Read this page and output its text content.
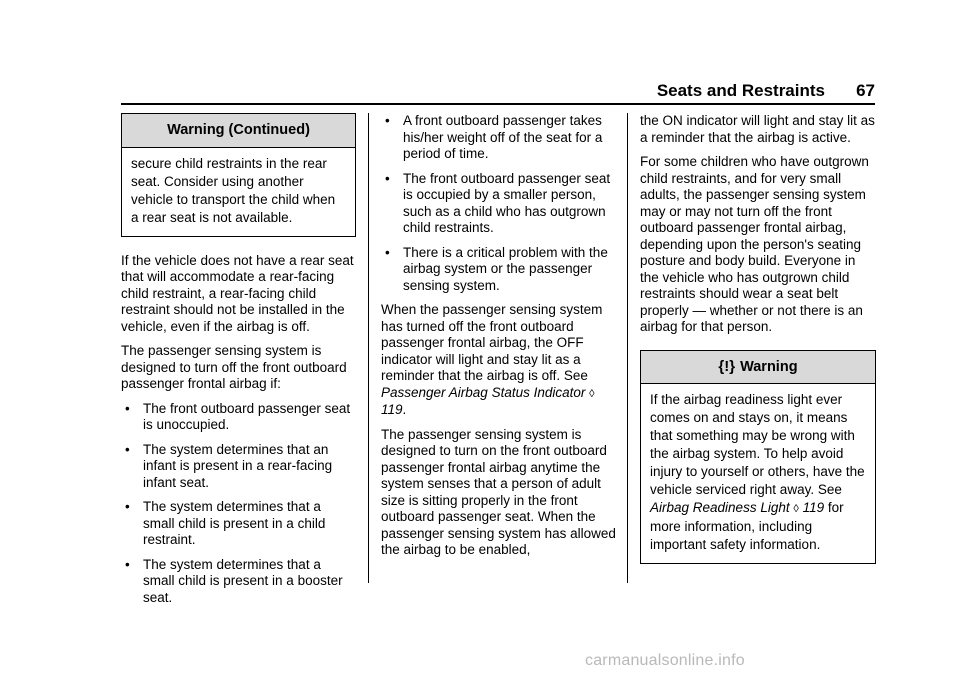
Seats and Restraints 67
Warning (Continued)
secure child restraints in the rear seat. Consider using another vehicle to transport the child when a rear seat is not available.

If the vehicle does not have a rear seat that will accommodate a rear-facing child restraint, a rear-facing child restraint should not be installed in the vehicle, even if the airbag is off.

The passenger sensing system is designed to turn off the front outboard passenger frontal airbag if:

• The front outboard passenger seat is unoccupied.
• The system determines that an infant is present in a rear-facing infant seat.
• The system determines that a small child is present in a child restraint.
• The system determines that a small child is present in a booster seat.
• A front outboard passenger takes his/her weight off of the seat for a period of time.
• The front outboard passenger seat is occupied by a smaller person, such as a child who has outgrown child restraints.
• There is a critical problem with the airbag system or the passenger sensing system.

When the passenger sensing system has turned off the front outboard passenger frontal airbag, the OFF indicator will light and stay lit as a reminder that the airbag is off. See Passenger Airbag Status Indicator ◊ 119.

The passenger sensing system is designed to turn on the front outboard passenger frontal airbag anytime the system senses that a person of adult size is sitting properly in the front outboard passenger seat. When the passenger sensing system has allowed the airbag to be enabled,

the ON indicator will light and stay lit as a reminder that the airbag is active.

For some children who have outgrown child restraints, and for very small adults, the passenger sensing system may or may not turn off the front outboard passenger frontal airbag, depending upon the person's seating posture and body build. Everyone in the vehicle who has outgrown child restraints should wear a seat belt properly — whether or not there is an airbag for that person.

{!} Warning
If the airbag readiness light ever comes on and stays on, it means that something may be wrong with the airbag system. To help avoid injury to yourself or others, have the vehicle serviced right away. See Airbag Readiness Light ◊ 119 for more information, including important safety information.
carmanualsonline.info
